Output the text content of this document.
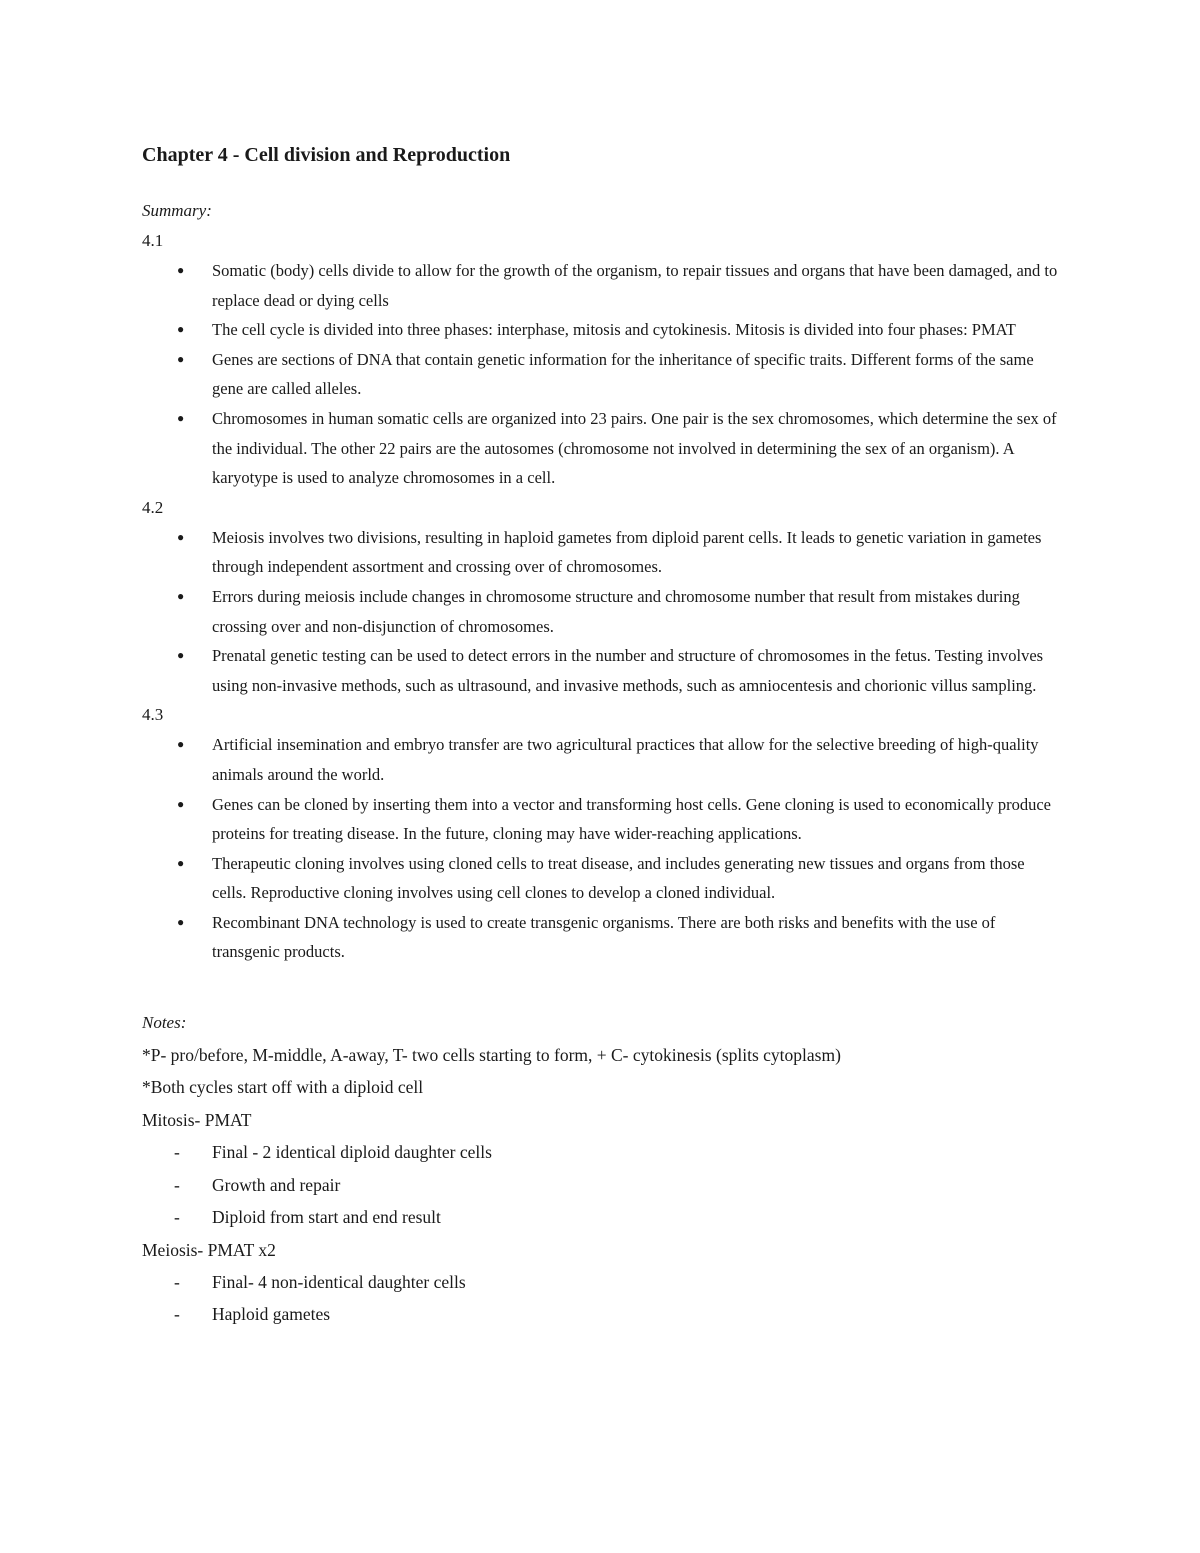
Chapter 4 - Cell division and Reproduction
Summary:
4.1
● Somatic (body) cells divide to allow for the growth of the organism, to repair tissues and organs that have been damaged, and to replace dead or dying cells
● The cell cycle is divided into three phases: interphase, mitosis and cytokinesis. Mitosis is divided into four phases: PMAT
● Genes are sections of DNA that contain genetic information for the inheritance of specific traits. Different forms of the same gene are called alleles.
● Chromosomes in human somatic cells are organized into 23 pairs. One pair is the sex chromosomes, which determine the sex of the individual. The other 22 pairs are the autosomes (chromosome not involved in determining the sex of an organism). A karyotype is used to analyze chromosomes in a cell.
4.2
● Meiosis involves two divisions, resulting in haploid gametes from diploid parent cells. It leads to genetic variation in gametes through independent assortment and crossing over of chromosomes.
● Errors during meiosis include changes in chromosome structure and chromosome number that result from mistakes during crossing over and non-disjunction of chromosomes.
● Prenatal genetic testing can be used to detect errors in the number and structure of chromosomes in the fetus. Testing involves using non-invasive methods, such as ultrasound, and invasive methods, such as amniocentesis and chorionic villus sampling.
4.3
● Artificial insemination and embryo transfer are two agricultural practices that allow for the selective breeding of high-quality animals around the world.
● Genes can be cloned by inserting them into a vector and transforming host cells. Gene cloning is used to economically produce proteins for treating disease. In the future, cloning may have wider-reaching applications.
● Therapeutic cloning involves using cloned cells to treat disease, and includes generating new tissues and organs from those cells. Reproductive cloning involves using cell clones to develop a cloned individual.
● Recombinant DNA technology is used to create transgenic organisms. There are both risks and benefits with the use of transgenic products.
Notes:
*P- pro/before, M-middle, A-away, T- two cells starting to form, + C- cytokinesis (splits cytoplasm)
*Both cycles start off with a diploid cell
Mitosis- PMAT
- Final - 2 identical diploid daughter cells
- Growth and repair
- Diploid from start and end result
Meiosis- PMAT x2
- Final- 4 non-identical daughter cells
- Haploid gametes
